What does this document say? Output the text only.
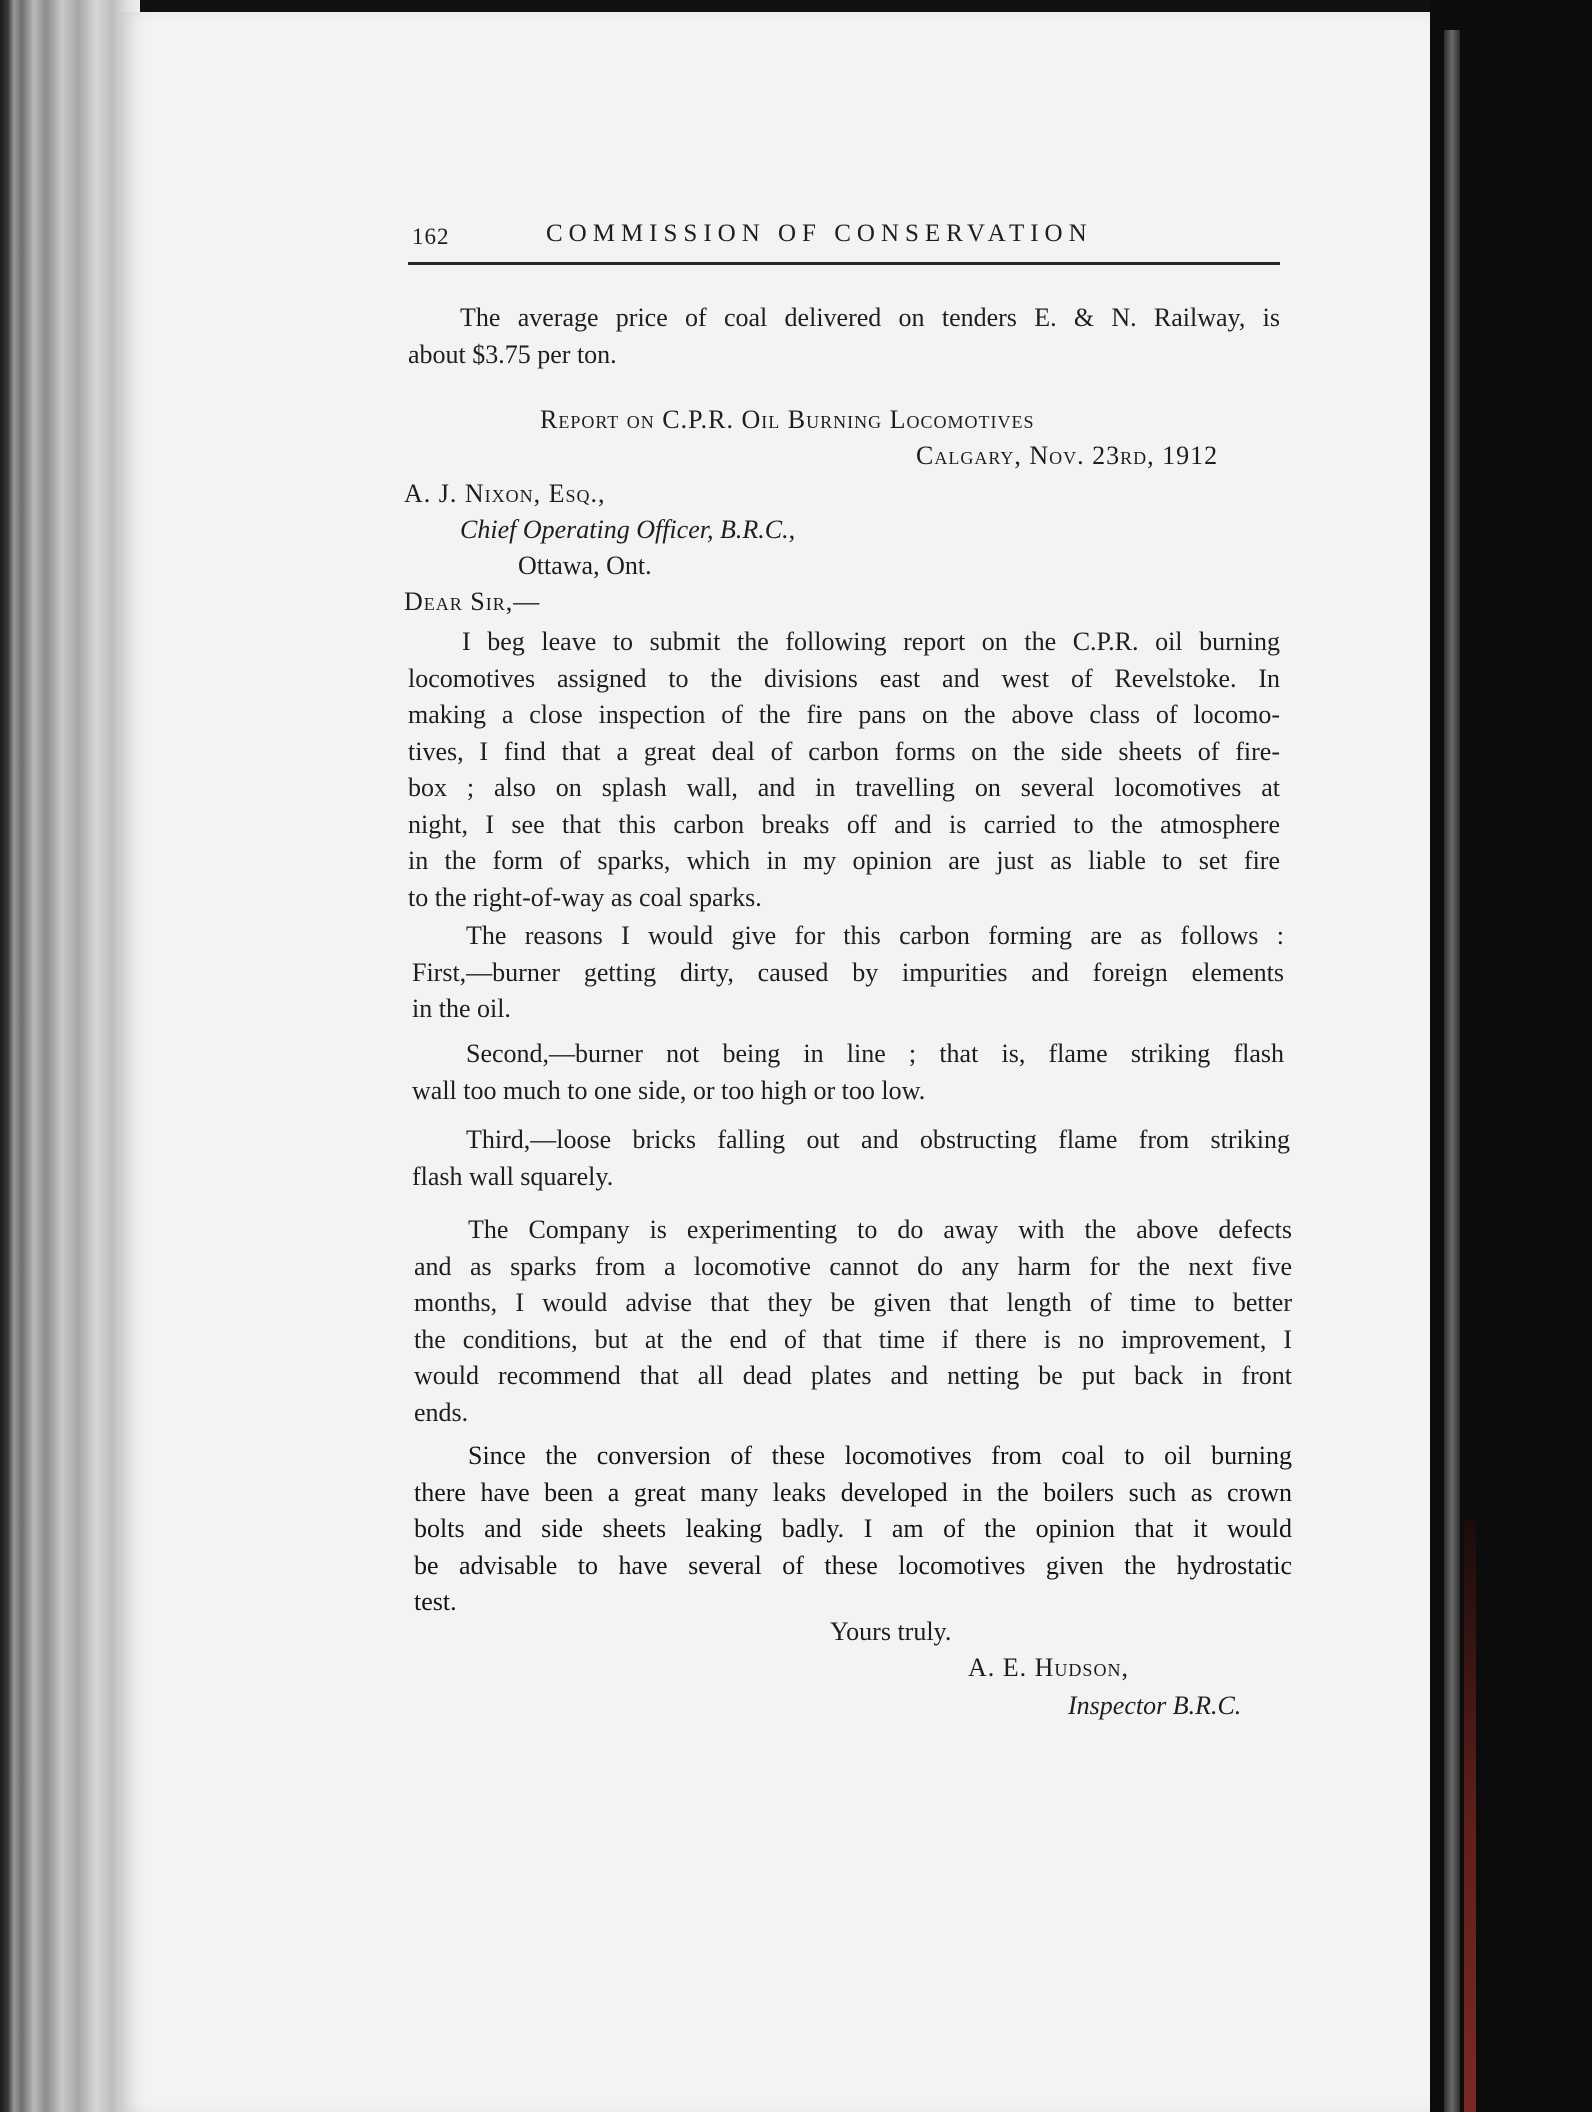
162	COMMISSION OF CONSERVATION
The average price of coal delivered on tenders E. & N. Railway, is
about $3.75 per ton.
Report on C.P.R. Oil Burning Locomotives
Calgary, Nov. 23rd, 1912
A. J. Nixon, Esq.,
Chief Operating Officer, B.R.C.,
Ottawa, Ont.
Dear Sir,—
I beg leave to submit the following report on the C.P.R. oil burning
locomotives assigned to the divisions east and west of Revelstoke. In
making a close inspection of the fire pans on the above class of locomo-
tives, I find that a great deal of carbon forms on the side sheets of fire-
box ; also on splash wall, and in travelling on several locomotives at
night, I see that this carbon breaks off and is carried to the atmosphere
in the form of sparks, which in my opinion are just as liable to set fire
to the right-of-way as coal sparks.
The reasons I would give for this carbon forming are as follows :
First,—burner getting dirty, caused by impurities and foreign elements
in the oil.
Second,—burner not being in line ; that is, flame striking flash
wall too much to one side, or too high or too low.
Third,—loose bricks falling out and obstructing flame from striking
flash wall squarely.
The Company is experimenting to do away with the above defects
and as sparks from a locomotive cannot do any harm for the next five
months, I would advise that they be given that length of time to better
the conditions, but at the end of that time if there is no improvement, I
would recommend that all dead plates and netting be put back in front
ends.
Since the conversion of these locomotives from coal to oil burning
there have been a great many leaks developed in the boilers such as crown
bolts and side sheets leaking badly. I am of the opinion that it would
be advisable to have several of these locomotives given the hydrostatic
test.
Yours truly.
A. E. Hudson,
Inspector B.R.C.
